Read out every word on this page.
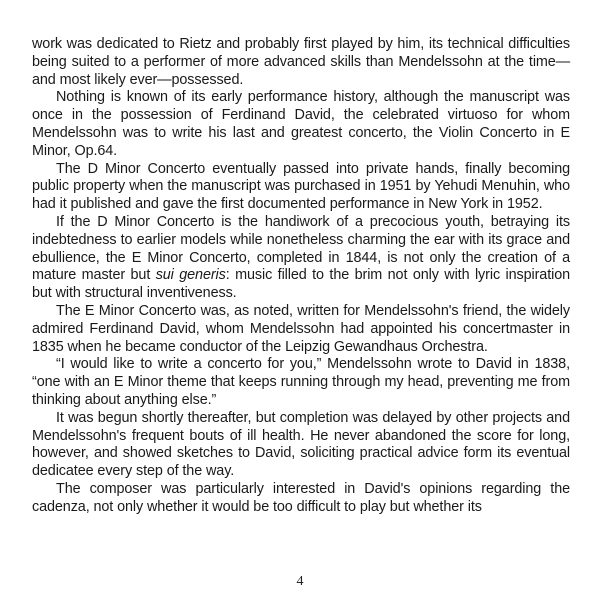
work was dedicated to Rietz and probably first played by him, its technical difficulties being suited to a performer of more advanced skills than Mendelssohn at the time—and most likely ever—possessed.

Nothing is known of its early performance history, although the manuscript was once in the possession of Ferdinand David, the celebrated virtuoso for whom Mendelssohn was to write his last and greatest concerto, the Violin Concerto in E Minor, Op.64.

The D Minor Concerto eventually passed into private hands, finally becoming public property when the manuscript was purchased in 1951 by Yehudi Menuhin, who had it published and gave the first documented performance in New York in 1952.

If the D Minor Concerto is the handiwork of a precocious youth, betraying its indebtedness to earlier models while nonetheless charming the ear with its grace and ebullience, the E Minor Concerto, completed in 1844, is not only the creation of a mature master but sui generis: music filled to the brim not only with lyric inspiration but with structural inventiveness.

The E Minor Concerto was, as noted, written for Mendelssohn's friend, the widely admired Ferdinand David, whom Mendelssohn had appointed his concertmaster in 1835 when he became conductor of the Leipzig Gewandhaus Orchestra.

“I would like to write a concerto for you,” Mendelssohn wrote to David in 1838, “one with an E Minor theme that keeps running through my head, preventing me from thinking about anything else.”

It was begun shortly thereafter, but completion was delayed by other projects and Mendelssohn's frequent bouts of ill health. He never abandoned the score for long, however, and showed sketches to David, soliciting practical advice form its eventual dedicatee every step of the way.

The composer was particularly interested in David's opinions regarding the cadenza, not only whether it would be too difficult to play but whether its

4
